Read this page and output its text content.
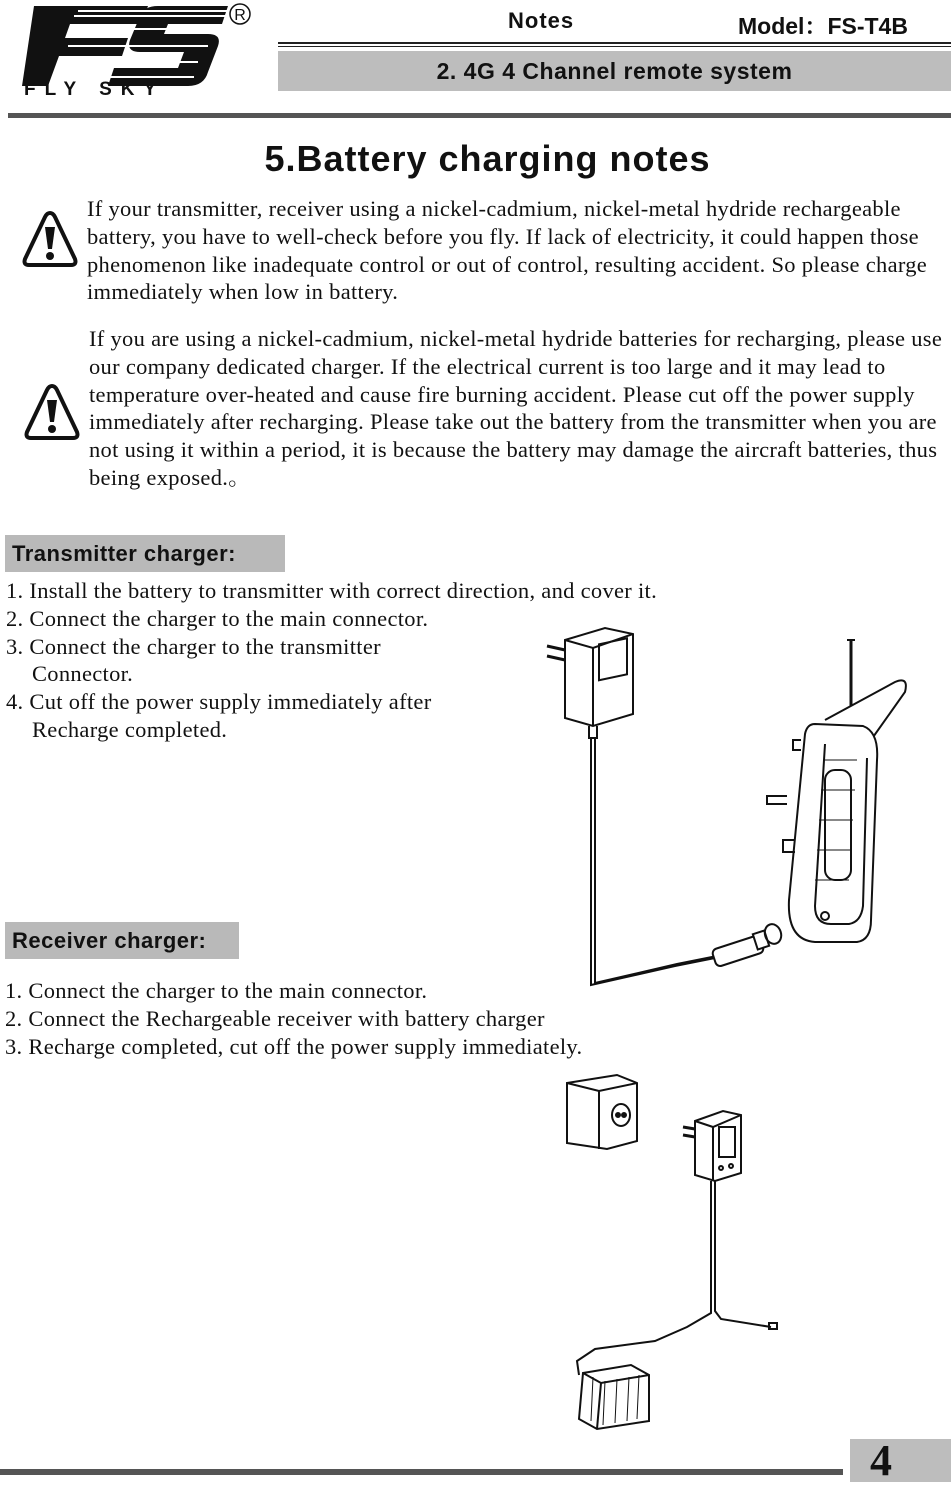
R
FLY SKY
Notes	Model：FS-T4B
2. 4G 4 Channel remote system
5.Battery charging notes
If your transmitter, receiver using a nickel-cadmium, nickel-metal hydride rechargeable battery, you have to well-check before you fly. If lack of electricity, it could happen those phenomenon like inadequate control or out of control, resulting accident. So please charge immediately when low in battery.
If you are using a nickel-cadmium, nickel-metal hydride batteries for recharging, please use our company dedicated charger. If the electrical current is too large and it may lead to temperature over-heated and cause fire burning accident. Please cut off the power supply immediately after recharging. Please take out the battery from the transmitter when you are not using it within a period, it is because the battery may damage the aircraft batteries, thus being exposed.。
Transmitter charger:
1. Install the battery to transmitter with correct direction, and cover it.
2. Connect the charger to the main connector.
3. Connect the charger to the transmitter
Connector.
4. Cut off the power supply immediately after
Recharge completed.
Receiver charger:
1. Connect the charger to the main connector.
2. Connect the Rechargeable receiver with battery charger
3. Recharge completed, cut off the power supply immediately.
4
